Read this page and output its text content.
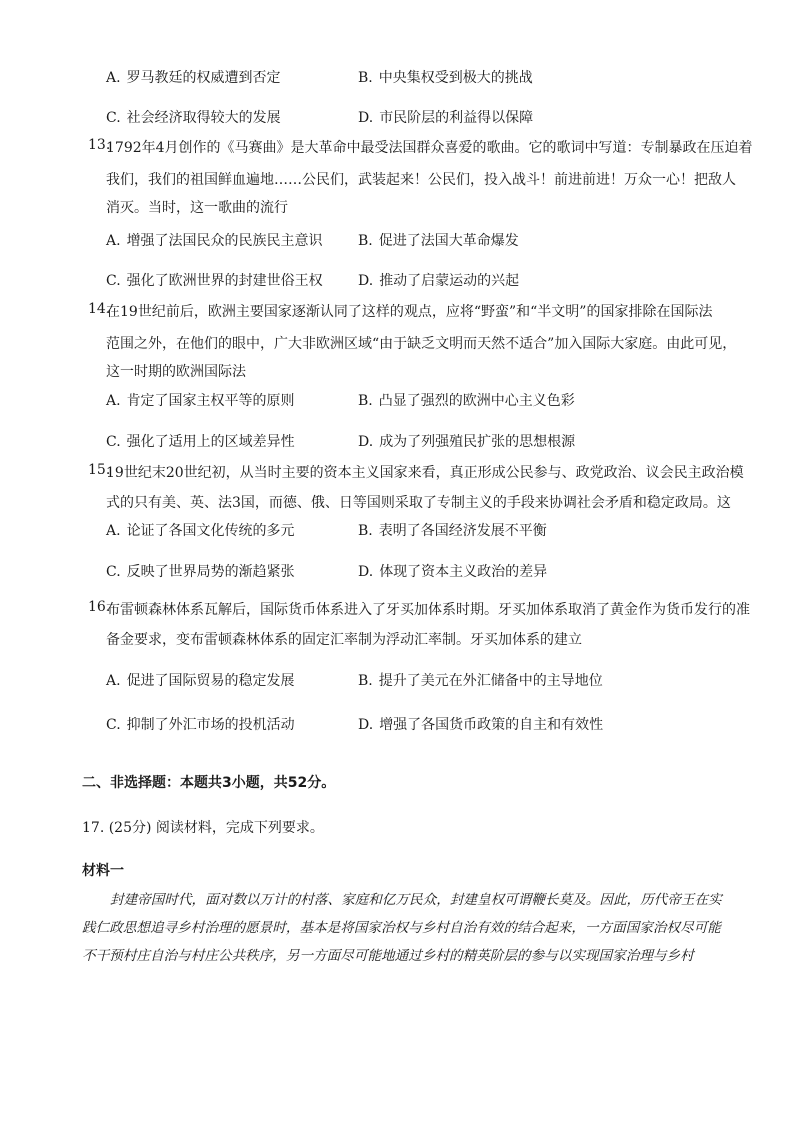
A. 罗马教廷的权威遭到否定	B. 中央集权受到极大的挑战
C. 社会经济取得较大的发展	D. 市民阶层的利益得以保障
13.
1792年4月创作的《马赛曲》是大革命中最受法国群众喜爱的歌曲。它的歌词中写道：专制暴政在压迫着
我们，我们的祖国鲜血遍地……公民们，武装起来！公民们，投入战斗！前进前进！万众一心！把敌人
消灭。当时，这一歌曲的流行
A. 增强了法国民众的民族民主意识	B. 促进了法国大革命爆发
C. 强化了欧洲世界的封建世俗王权	D. 推动了启蒙运动的兴起
14.
在19世纪前后，欧洲主要国家逐渐认同了这样的观点，应将“野蛮”和“半文明”的国家排除在国际法
范围之外，在他们的眼中，广大非欧洲区域“由于缺乏文明而天然不适合”加入国际大家庭。由此可见，
这一时期的欧洲国际法
A. 肯定了国家主权平等的原则	B. 凸显了强烈的欧洲中心主义色彩
C. 强化了适用上的区域差异性	D. 成为了列强殖民扩张的思想根源
15.
19世纪末20世纪初，从当时主要的资本主义国家来看，真正形成公民参与、政党政治、议会民主政治模
式的只有美、英、法3国，而德、俄、日等国则采取了专制主义的手段来协调社会矛盾和稳定政局。这
A. 论证了各国文化传统的多元	B. 表明了各国经济发展不平衡
C. 反映了世界局势的渐趋紧张	D. 体现了资本主义政治的差异
16.
布雷顿森林体系瓦解后，国际货币体系进入了牙买加体系时期。牙买加体系取消了黄金作为货币发行的准
备金要求，变布雷顿森林体系的固定汇率制为浮动汇率制。牙买加体系的建立
A. 促进了国际贸易的稳定发展	B. 提升了美元在外汇储备中的主导地位
C. 抑制了外汇市场的投机活动	D. 增强了各国货币政策的自主和有效性
二、非选择题：本题共3小题，共52分。
17. (25分) 阅读材料，完成下列要求。
材料一
封建帝国时代，面对数以万计的村落、家庭和亿万民众，封建皇权可谓鞭长莫及。因此，历代帝王在实
践仁政思想追寻乡村治理的愿景时，基本是将国家治权与乡村自治有效的结合起来，一方面国家治权尽可能
不干预村庄自治与村庄公共秩序，另一方面尽可能地通过乡村的精英阶层的参与以实现国家治理与乡村
